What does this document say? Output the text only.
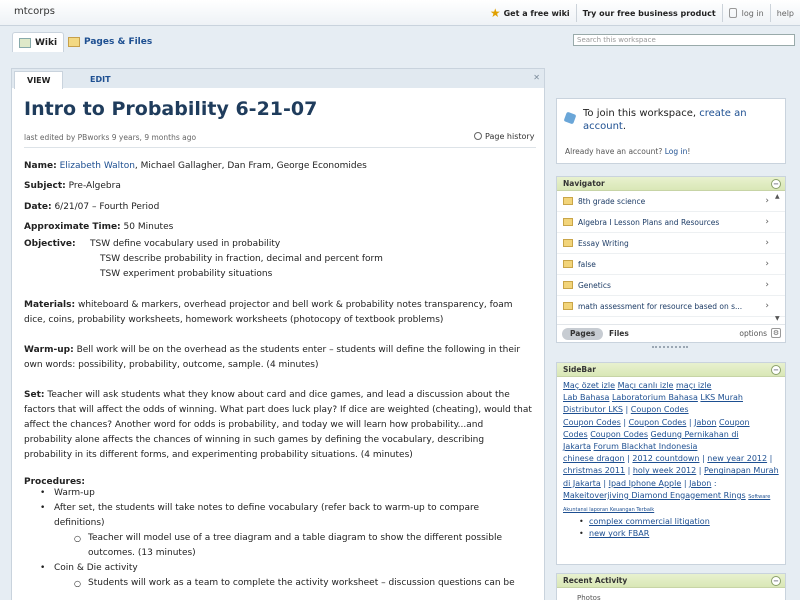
mtcorps	★ Get a free wiki Try our free business product	log in help
Wiki	Pages & Files	Search this workspace
VIEW	EDIT	✕
Intro to Probability 6-21-07
last edited by PBworks 9 years, 9 months ago	Page history
Name: Elizabeth Walton, Michael Gallagher, Dan Fram, George Economides
Subject: Pre-Algebra
Date: 6/21/07 – Fourth Period
Approximate Time: 50 Minutes
Objective: TSW define vocabulary used in probability
TSW describe probability in fraction, decimal and percent form
TSW experiment probability situations
Materials: whiteboard & markers, overhead projector and bell work & probability notes transparency, foam
dice, coins, probability worksheets, homework worksheets (photocopy of textbook problems)
Warm-up: Bell work will be on the overhead as the students enter – students will define the following in their
own words: possibility, probability, outcome, sample. (4 minutes)
Set: Teacher will ask students what they know about card and dice games, and lead a discussion about the
factors that will affect the odds of winning. What part does luck play? If dice are weighted (cheating), would that
affect the chances? Another word for odds is probability, and today we will learn how probability...and
probability alone affects the chances of winning in such games by defining the vocabulary, describing
probability in its different forms, and experimenting probability situations. (4 minutes)
Procedures:
• Warm-up
• After set, the students will take notes to define vocabulary (refer back to warm-up to compare
definitions)
○ Teacher will model use of a tree diagram and a table diagram to show the different possible
outcomes. (13 minutes)
• Coin & Die activity
○ Students will work as a team to complete the activity worksheet – discussion questions can be
To join this workspace, create an account.
Already have an account? Log in!
Navigator	−
8th grade science	›
Algebra I Lesson Plans and Resources	›
Essay Writing	›
false	›
Genetics	›
math assessment for resource based on s...	›
▲
▼
Pages	Files	options ⚙
SideBar	−
Maç özet izle Maçı canlı izle maçı izle
Lab Bahasa Laboratorium Bahasa LKS Murah
Distributor LKS | Coupon Codes
Coupon Codes | Coupon Codes | Jabon Coupon
Codes Coupon Codes Gedung Pernikahan di
Jakarta Forum Blackhat Indonesia
chinese dragon | 2012 countdown | new year 2012 |
christmas 2011 | holy week 2012 | Penginapan Murah
di Jakarta | Ipad Iphone Apple | Jabon :
Makeitoverjiving Diamond Engagement Rings Software
Akuntansi laporan Keuangan Terbaik
• complex commercial litigation
• new york FBAR
Recent Activity	−
Photos
